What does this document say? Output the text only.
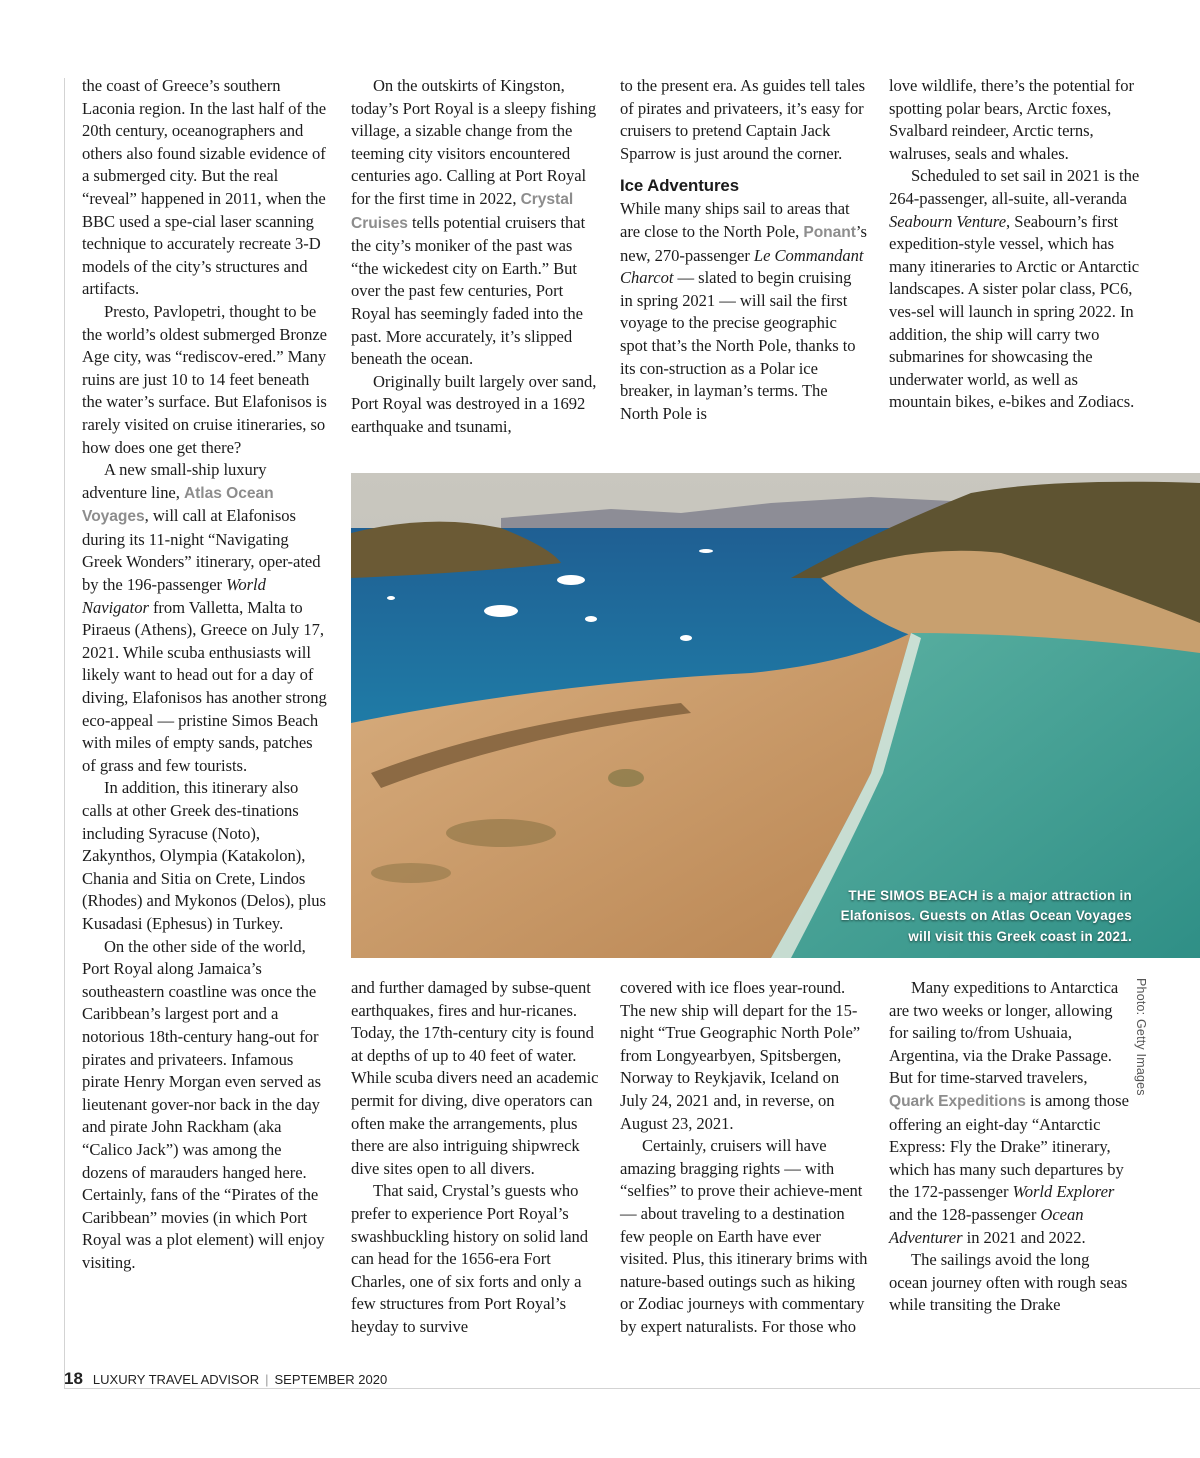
the coast of Greece’s southern Laconia region. In the last half of the 20th century, oceanographers and others also found sizable evidence of a submerged city. But the real “reveal” happened in 2011, when the BBC used a spe-cial laser scanning technique to accurately recreate 3-D models of the city’s structures and artifacts.

Presto, Pavlopetri, thought to be the world’s oldest submerged Bronze Age city, was “rediscov-ered.” Many ruins are just 10 to 14 feet beneath the water’s surface. But Elafonisos is rarely visited on cruise itineraries, so how does one get there?

A new small-ship luxury adventure line, Atlas Ocean Voyages, will call at Elafonisos during its 11-night “Navigating Greek Wonders” itinerary, oper-ated by the 196-passenger World Navigator from Valletta, Malta to Piraeus (Athens), Greece on July 17, 2021. While scuba enthusiasts will likely want to head out for a day of diving, Elafonisos has another strong eco-appeal — pristine Simos Beach with miles of empty sands, patches of grass and few tourists.

In addition, this itinerary also calls at other Greek des-tinations including Syracuse (Noto), Zakynthos, Olympia (Katakolon), Chania and Sitia on Crete, Lindos (Rhodes) and Mykonos (Delos), plus Kusadasi (Ephesus) in Turkey.

On the other side of the world, Port Royal along Jamaica’s southeastern coastline was once the Caribbean’s largest port and a notorious 18th-century hang-out for pirates and privateers. Infamous pirate Henry Morgan even served as lieutenant gover-nor back in the day and pirate John Rackham (aka “Calico Jack”) was among the dozens of marauders hanged here. Certainly, fans of the “Pirates of the Caribbean” movies (in which Port Royal was a plot element) will enjoy visiting.

On the outskirts of Kingston, today’s Port Royal is a sleepy fishing village, a sizable change from the teeming city visitors encountered centuries ago. Calling at Port Royal for the first time in 2022, Crystal Cruises tells potential cruisers that the city’s moniker of the past was “the wickedest city on Earth.” But over the past few centuries, Port Royal has seemingly faded into the past. More accurately, it’s slipped beneath the ocean.

Originally built largely over sand, Port Royal was destroyed in a 1692 earthquake and tsunami,

to the present era. As guides tell tales of pirates and privateers, it’s easy for cruisers to pretend Captain Jack Sparrow is just around the corner.

Ice Adventures

While many ships sail to areas that are close to the North Pole, Ponant’s new, 270-passenger Le Commandant Charcot — slated to begin cruising in spring 2021 — will sail the first voyage to the precise geographic spot that’s the North Pole, thanks to its con-struction as a Polar ice breaker, in layman’s terms. The North Pole is

love wildlife, there’s the potential for spotting polar bears, Arctic foxes, Svalbard reindeer, Arctic terns, walruses, seals and whales.

Scheduled to set sail in 2021 is the 264-passenger, all-suite, all-veranda Seabourn Venture, Seabourn’s first expedition-style vessel, which has many itineraries to Arctic or Antarctic landscapes. A sister polar class, PC6, ves-sel will launch in spring 2022. In addition, the ship will carry two submarines for showcasing the underwater world, as well as mountain bikes, e-bikes and Zodiacs.

THE SIMOS BEACH is a major attraction in Elafonisos. Guests on Atlas Ocean Voyages will visit this Greek coast in 2021.
Photo: Getty Images

and further damaged by subse-quent earthquakes, fires and hur-ricanes. Today, the 17th-century city is found at depths of up to 40 feet of water. While scuba divers need an academic permit for diving, dive operators can often make the arrangements, plus there are also intriguing shipwreck dive sites open to all divers.

That said, Crystal’s guests who prefer to experience Port Royal’s swashbuckling history on solid land can head for the 1656-era Fort Charles, one of six forts and only a few structures from Port Royal’s heyday to survive

covered with ice floes year-round. The new ship will depart for the 15-night “True Geographic North Pole” from Longyearbyen, Spitsbergen, Norway to Reykjavik, Iceland on July 24, 2021 and, in reverse, on August 23, 2021.

Certainly, cruisers will have amazing bragging rights — with “selfies” to prove their achieve-ment — about traveling to a destination few people on Earth have ever visited. Plus, this itinerary brims with nature-based outings such as hiking or Zodiac journeys with commentary by expert naturalists. For those who

Many expeditions to Antarctica are two weeks or longer, allowing for sailing to/from Ushuaia, Argentina, via the Drake Passage. But for time-starved travelers, Quark Expeditions is among those offering an eight-day “Antarctic Express: Fly the Drake” itinerary, which has many such departures by the 172-passenger World Explorer and the 128-passenger Ocean Adventurer in 2021 and 2022.

The sailings avoid the long ocean journey often with rough seas while transiting the Drake

18 LUXURY TRAVEL ADVISOR | SEPTEMBER 2020
